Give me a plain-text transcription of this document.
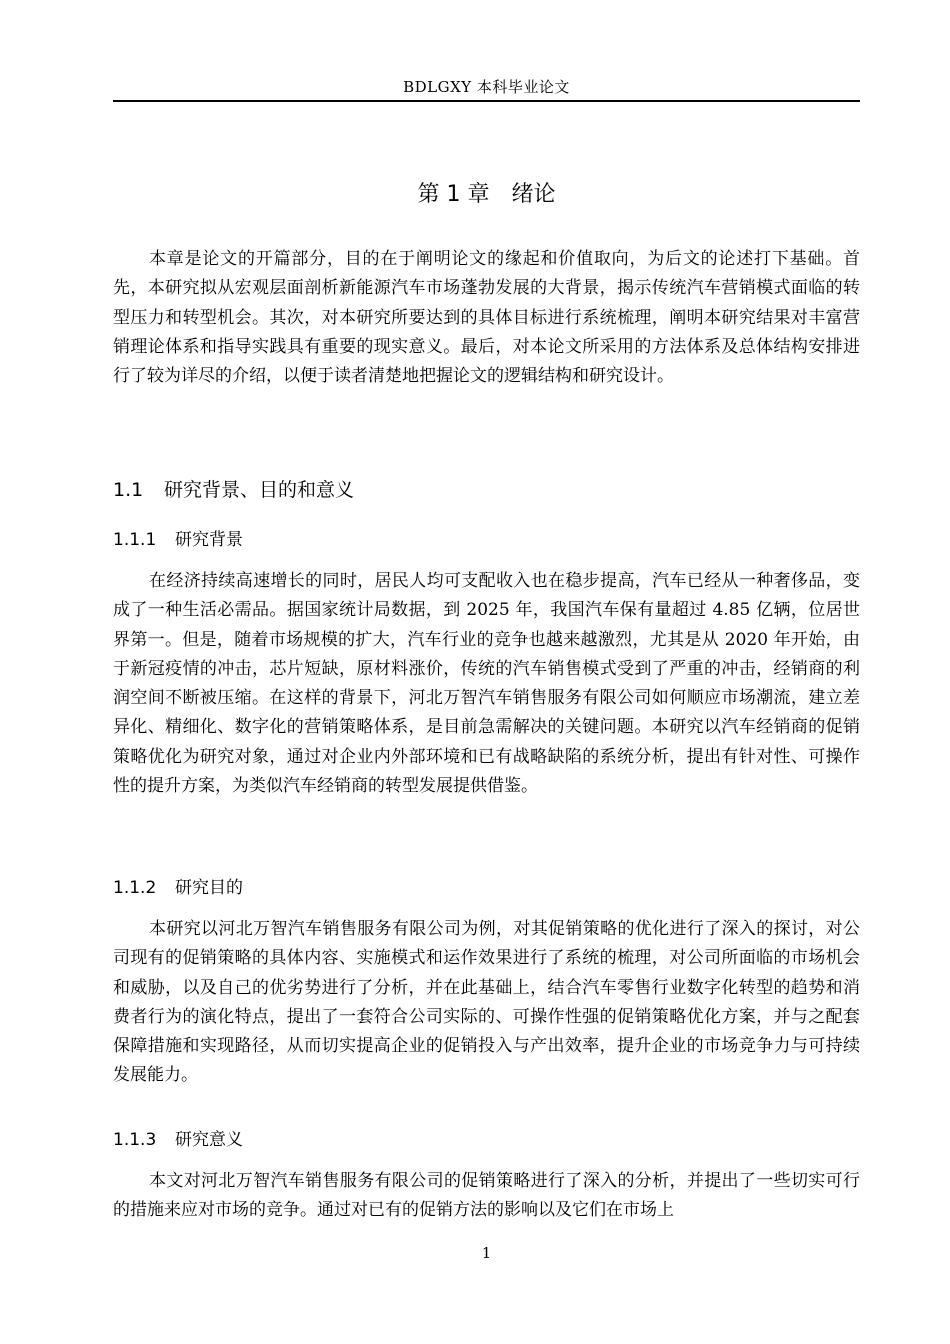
BDLGXY 本科毕业论文
第 1 章 绪论

本章是论文的开篇部分，目的在于阐明论文的缘起和价值取向，为后文的论述打下基础。首先，本研究拟从宏观层面剖析新能源汽车市场蓬勃发展的大背景，揭示传统汽车营销模式面临的转型压力和转型机会。其次，对本研究所要达到的具体目标进行系统梳理，阐明本研究结果对丰富营销理论体系和指导实践具有重要的现实意义。最后，对本论文所采用的方法体系及总体结构安排进行了较为详尽的介绍，以便于读者清楚地把握论文的逻辑结构和研究设计。

1.1 研究背景、目的和意义
1.1.1 研究背景

在经济持续高速增长的同时，居民人均可支配收入也在稳步提高，汽车已经从一种奢侈品，变成了一种生活必需品。据国家统计局数据，到 2025 年，我国汽车保有量超过 4.85 亿辆，位居世界第一。但是，随着市场规模的扩大，汽车行业的竞争也越来越激烈，尤其是从 2020 年开始，由于新冠疫情的冲击，芯片短缺，原材料涨价，传统的汽车销售模式受到了严重的冲击，经销商的利润空间不断被压缩。在这样的背景下，河北万智汽车销售服务有限公司如何顺应市场潮流，建立差异化、精细化、数字化的营销策略体系，是目前急需解决的关键问题。本研究以汽车经销商的促销策略优化为研究对象，通过对企业内外部环境和已有战略缺陷的系统分析，提出有针对性、可操作性的提升方案，为类似汽车经销商的转型发展提供借鉴。

1.1.2 研究目的

本研究以河北万智汽车销售服务有限公司为例，对其促销策略的优化进行了深入的探讨，对公司现有的促销策略的具体内容、实施模式和运作效果进行了系统的梳理，对公司所面临的市场机会和威胁，以及自己的优劣势进行了分析，并在此基础上，结合汽车零售行业数字化转型的趋势和消费者行为的演化特点，提出了一套符合公司实际的、可操作性强的促销策略优化方案，并与之配套保障措施和实现路径，从而切实提高企业的促销投入与产出效率，提升企业的市场竞争力与可持续发展能力。

1.1.3 研究意义

本文对河北万智汽车销售服务有限公司的促销策略进行了深入的分析，并提出了一些切实可行的措施来应对市场的竞争。通过对已有的促销方法的影响以及它们在市场上

1
